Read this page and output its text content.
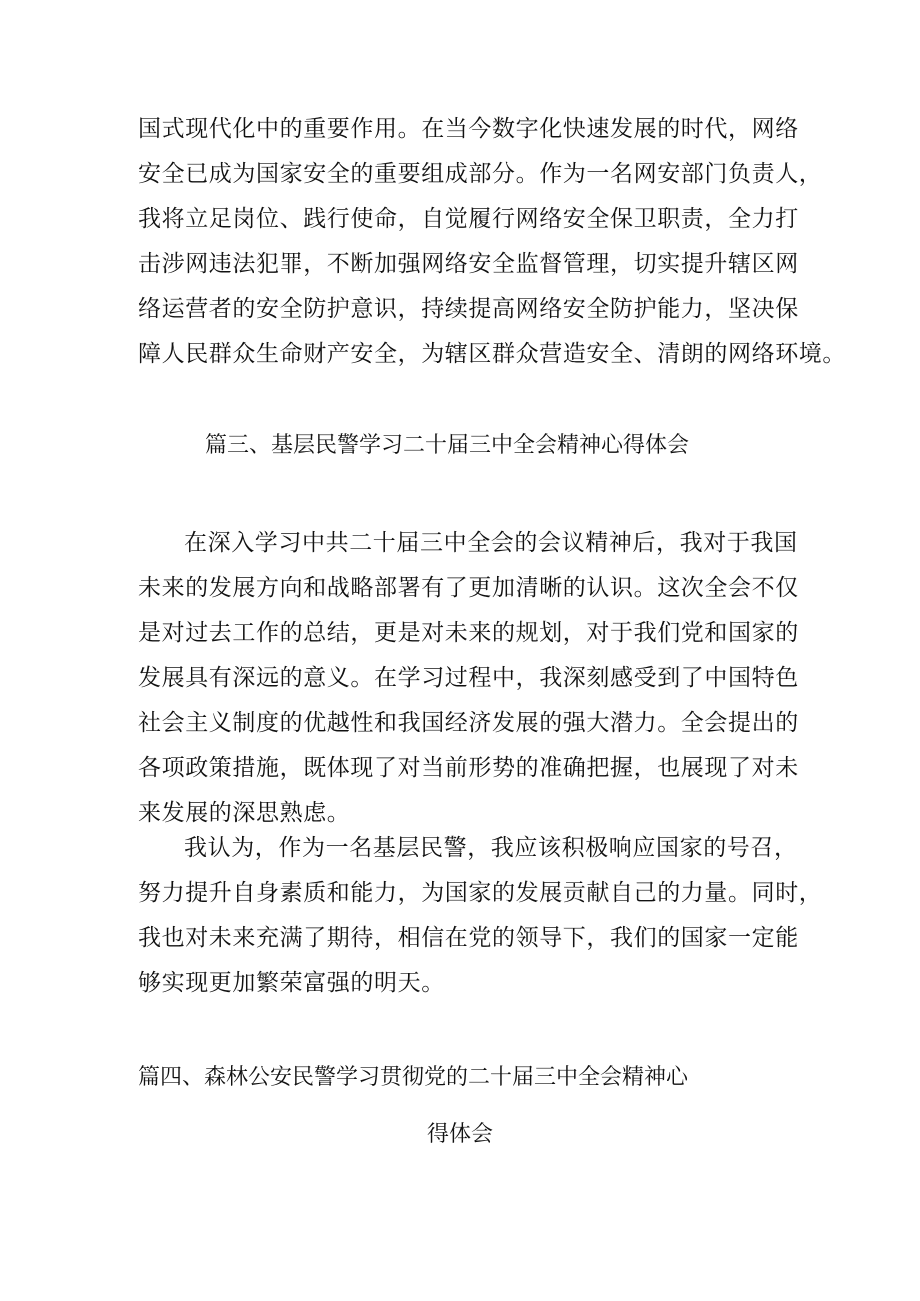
国式现代化中的重要作用。在当今数字化快速发展的时代，网络
安全已成为国家安全的重要组成部分。作为一名网安部门负责人，
我将立足岗位、践行使命，自觉履行网络安全保卫职责，全力打
击涉网违法犯罪，不断加强网络安全监督管理，切实提升辖区网
络运营者的安全防护意识，持续提高网络安全防护能力，坚决保
障人民群众生命财产安全，为辖区群众营造安全、清朗的网络环境。
篇三、基层民警学习二十届三中全会精神心得体会
在深入学习中共二十届三中全会的会议精神后，我对于我国
未来的发展方向和战略部署有了更加清晰的认识。这次全会不仅
是对过去工作的总结，更是对未来的规划，对于我们党和国家的
发展具有深远的意义。在学习过程中，我深刻感受到了中国特色
社会主义制度的优越性和我国经济发展的强大潜力。全会提出的
各项政策措施，既体现了对当前形势的准确把握，也展现了对未
来发展的深思熟虑。
我认为，作为一名基层民警，我应该积极响应国家的号召，
努力提升自身素质和能力，为国家的发展贡献自己的力量。同时，
我也对未来充满了期待，相信在党的领导下，我们的国家一定能
够实现更加繁荣富强的明天。
篇四、森林公安民警学习贯彻党的二十届三中全会精神心
得体会
